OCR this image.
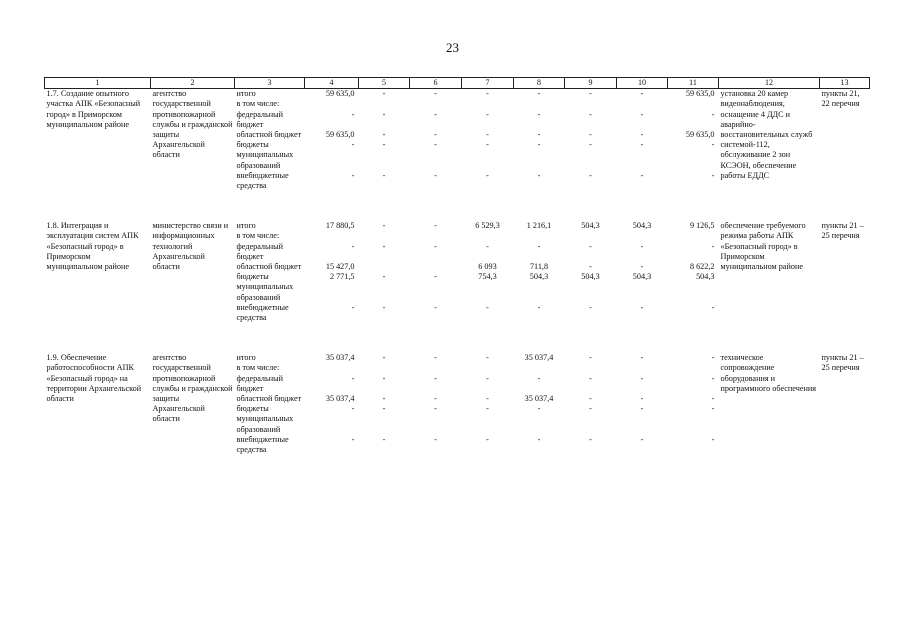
23
1	2	3	4	5	6	7	8	9	10	11	12	13
1.7. Создание опытного участка АПК «Безопасный город» в Приморском муниципальном районе	агентство государственной противопожарной службы и гражданской защиты Архангельской области	итого	59 635,0	-	-	-	-	-	-	59 635,0	установка 20 камер видеонаблюдения, оснащение 4 ДДС и аварийно-восстановительных служб системой-112, обслуживание 2 зон КСЭОН, обеспечение работы ЕДДС	пункты 21, 22 перечня
		в том числе:										
		федеральный бюджет	-	-	-	-	-	-	-	-		
		областной бюджет	59 635,0	-	-	-	-	-	-	59 635,0		
		бюджеты муниципальных образований	-	-	-	-	-	-	-	-		
		внебюджетные средства	-	-	-	-	-	-	-	-		

1.8. Интеграция и эксплуатация систем АПК «Безопасный город» в Приморском муниципальном районе	министерство связи и информационных технологий Архангельской области	итого	17 880,5	-	-	6 529,3	1 216,1	504,3	504,3	9 126,5	обеспечение требуемого режима работы АПК «Безопасный город» в Приморском муниципальном районе	пункты 21 – 25 перечня
		в том числе:										
		федеральный бюджет	-	-	-	-	-	-	-	-		
		областной бюджет	15 427,0			6 093	711,8	-	-	8 622,2		
		бюджеты муниципальных образований	2 771,5	-	-	754,3	504,3	504,3	504,3	504,3		
		внебюджетные средства	-	-	-	-	-	-	-	-		

1.9. Обеспечение работоспособности АПК «Безопасный город» на территории Архангельской области	агентство государственной противопожарной службы и гражданской защиты Архангельской области	итого	35 037,4	-	-	-	35 037,4	-	-	-	техническое сопровождение оборудования и программного обеспечения	пункты 21 – 25 перечня
		в том числе:										
		федеральный бюджет	-	-	-	-	-	-	-	-		
		областной бюджет	35 037,4	-	-	-	35 037,4	-	-	-		
		бюджеты муниципальных образований	-	-	-	-	-	-	-	-		
		внебюджетные средства	-	-	-	-	-	-	-	-		
